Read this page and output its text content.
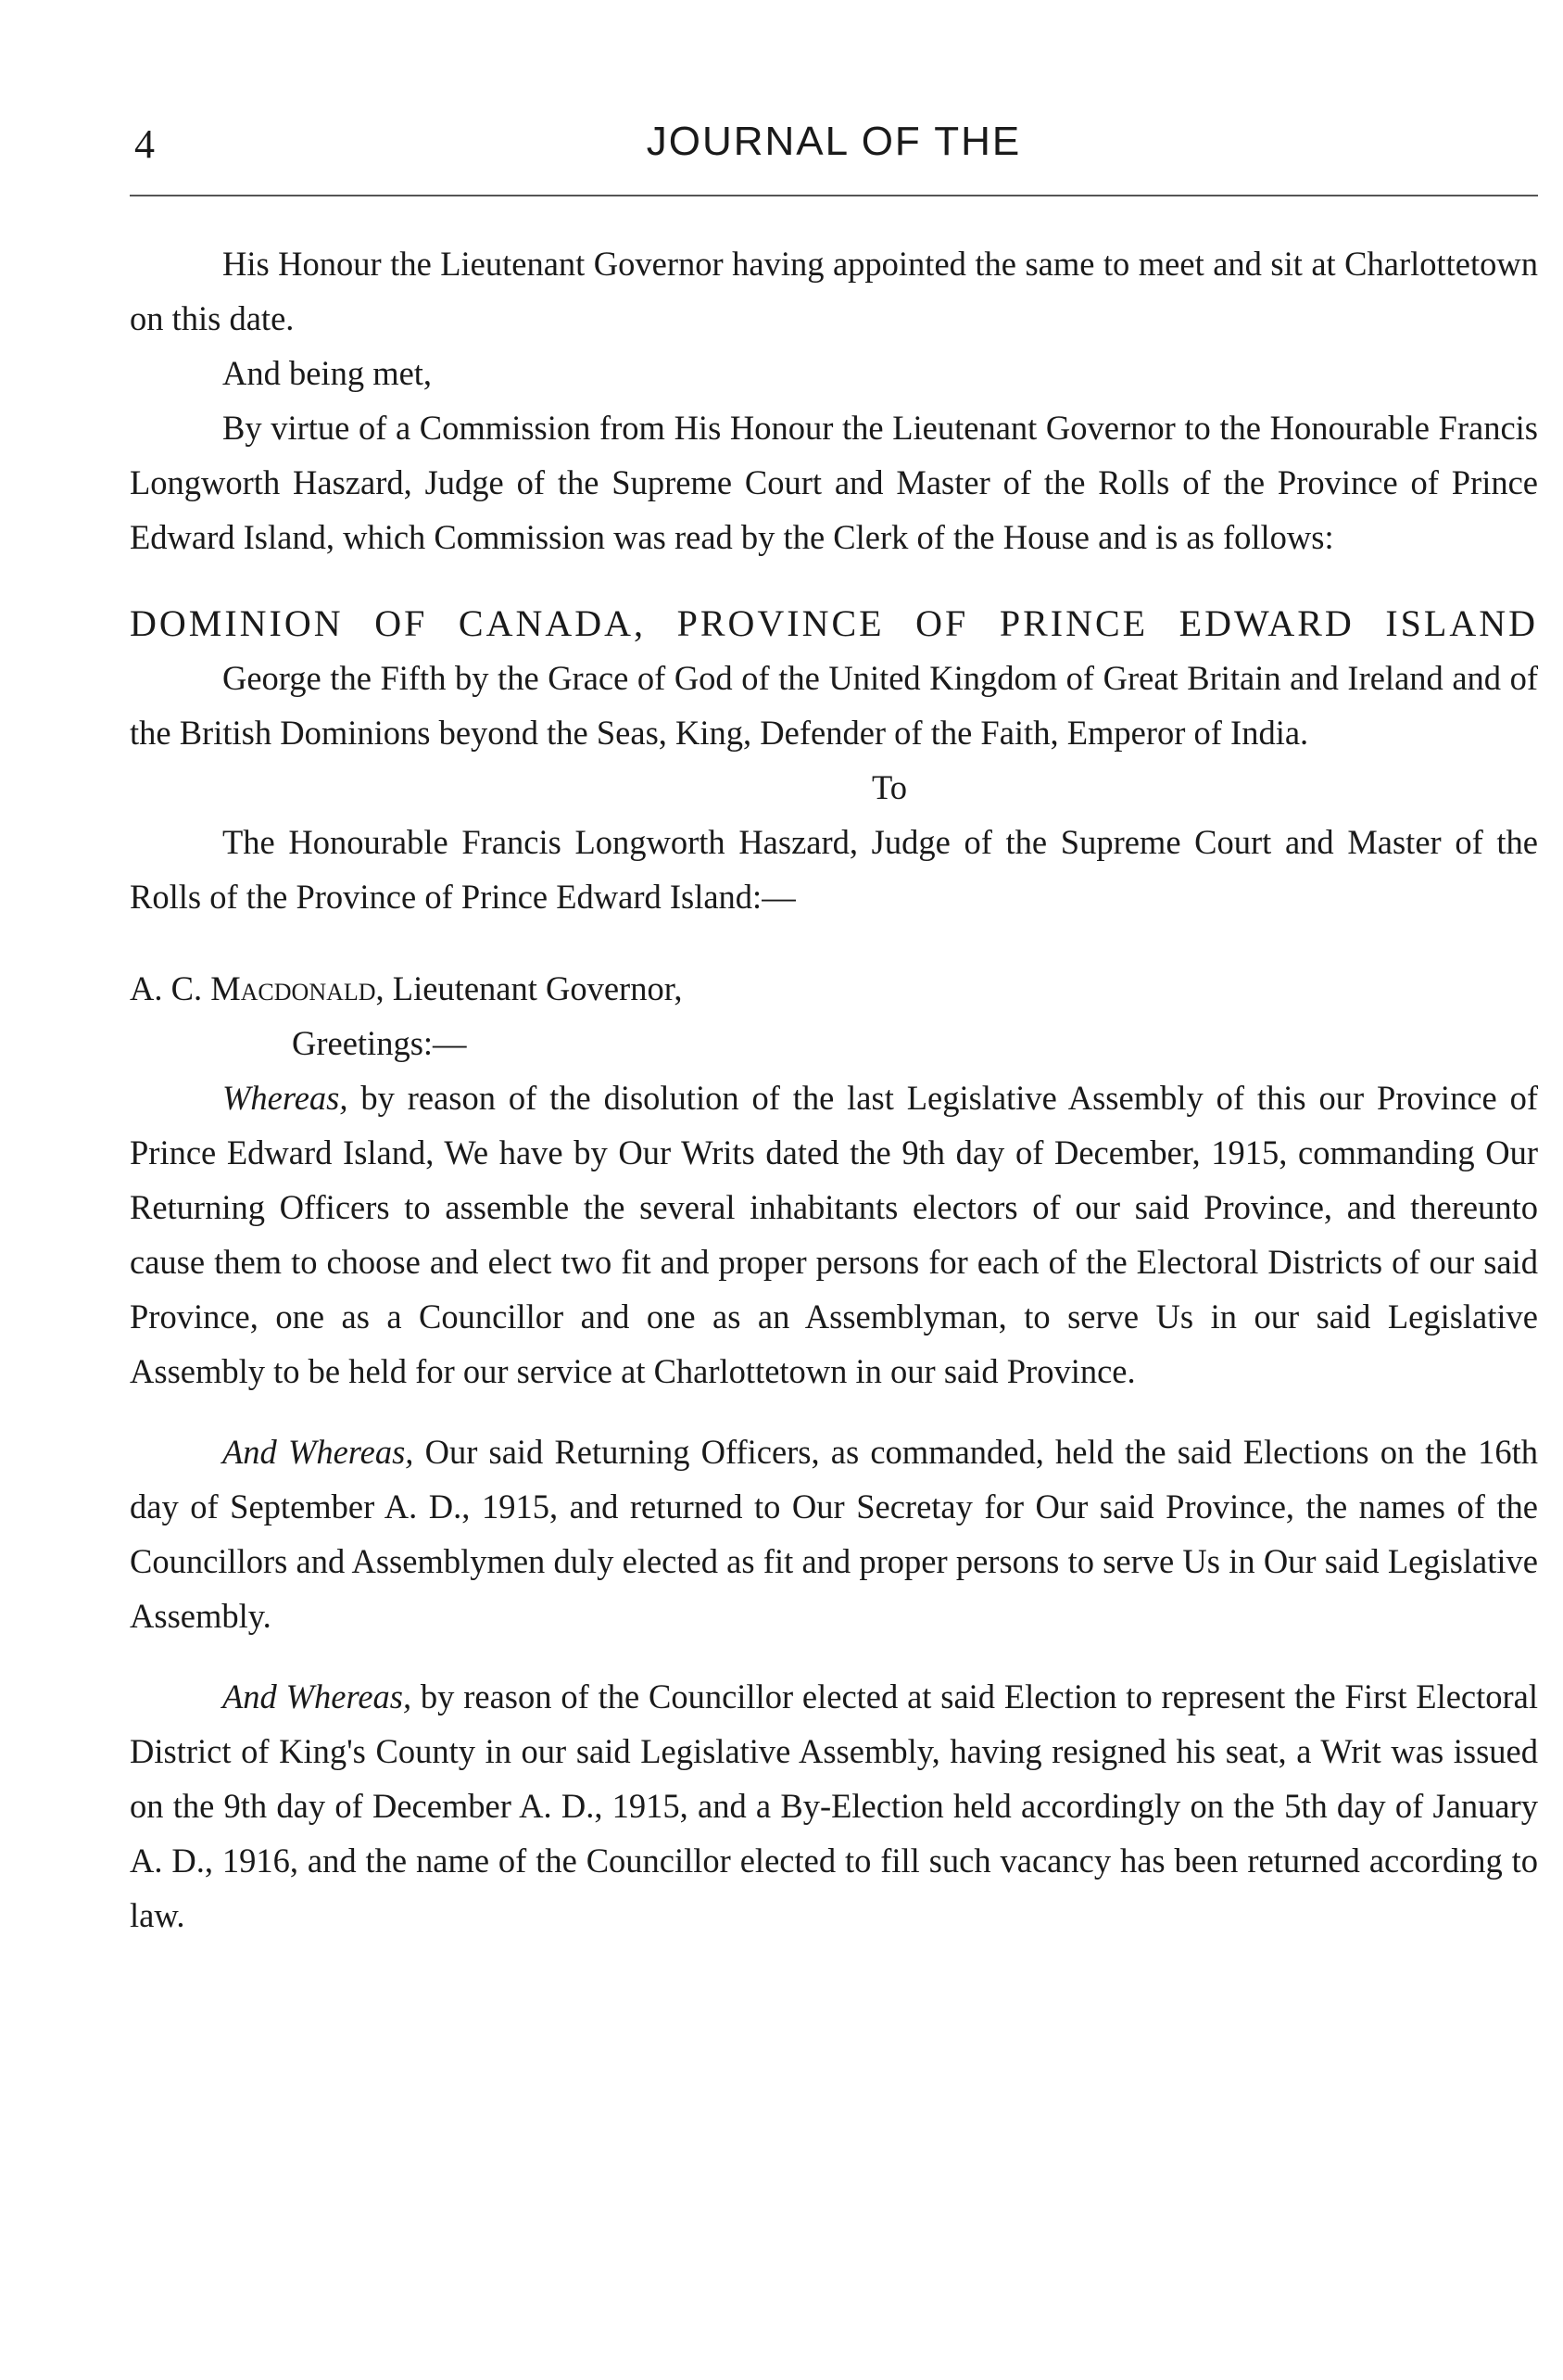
4	JOURNAL OF THE

His Honour the Lieutenant Governor having appointed the same to meet and sit at Charlottetown on this date.

And being met,

By virtue of a Commission from His Honour the Lieutenant Governor to the Honourable Francis Longworth Haszard, Judge of the Supreme Court and Master of the Rolls of the Province of Prince Edward Island, which Commission was read by the Clerk of the House and is as follows:

DOMINION OF CANADA, PROVINCE OF PRINCE EDWARD ISLAND

George the Fifth by the Grace of God of the United Kingdom of Great Britain and Ireland and of the British Dominions beyond the Seas, King, Defender of the Faith, Emperor of India.

To

The Honourable Francis Longworth Haszard, Judge of the Supreme Court and Master of the Rolls of the Province of Prince Edward Island:—

A. C. Macdonald, Lieutenant Governor,

Greetings:—

Whereas, by reason of the disolution of the last Legislative Assembly of this our Province of Prince Edward Island, We have by Our Writs dated the 9th day of December, 1915, commanding Our Returning Officers to assemble the several inhabitants electors of our said Province, and thereunto cause them to choose and elect two fit and proper persons for each of the Electoral Districts of our said Province, one as a Councillor and one as an Assemblyman, to serve Us in our said Legislative Assembly to be held for our service at Charlottetown in our said Province.

And Whereas, Our said Returning Officers, as commanded, held the said Elections on the 16th day of September A. D., 1915, and returned to Our Secretay for Our said Province, the names of the Councillors and Assemblymen duly elected as fit and proper persons to serve Us in Our said Legislative Assembly.

And Whereas, by reason of the Councillor elected at said Election to represent the First Electoral District of King's County in our said Legislative Assembly, having resigned his seat, a Writ was issued on the 9th day of December A. D., 1915, and a By-Election held accordingly on the 5th day of January A. D., 1916, and the name of the Councillor elected to fill such vacancy has been returned according to law.
